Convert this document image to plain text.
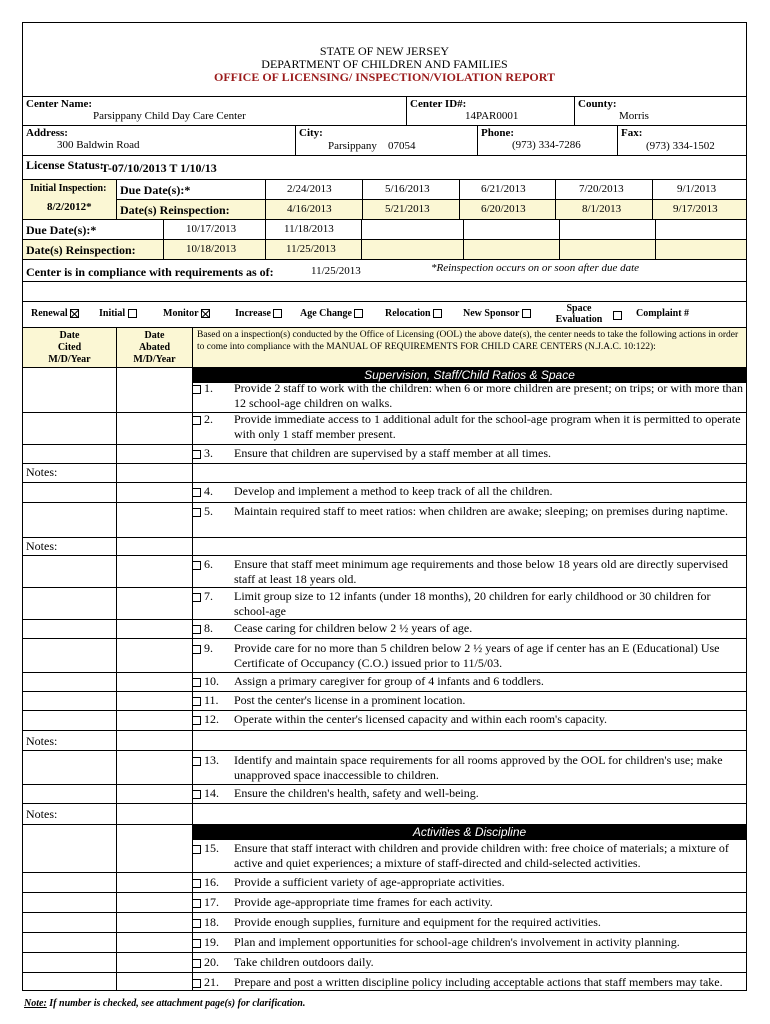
STATE OF NEW JERSEY
DEPARTMENT OF CHILDREN AND FAMILIES
OFFICE OF LICENSING/ INSPECTION/VIOLATION REPORT
Center Name:
Parsippany Child Day Care Center
Center ID#:
14PAR0001
County:
Morris
Address:
300 Baldwin Road
City:
Parsippany 07054
Phone:
(973) 334-7286
Fax:
(973) 334-1502
License Status:
T-07/10/2013 T 1/10/13
Initial Inspection:
8/2/2012*
Due Date(s):*	2/24/2013	5/16/2013	6/21/2013	7/20/2013	9/1/2013
Date(s) Reinspection:	4/16/2013	5/21/2013	6/20/2013	8/1/2013	9/17/2013
Due Date(s):*	10/17/2013	11/18/2013
Date(s) Reinspection:	10/18/2013	11/25/2013
Center is in compliance with requirements as of:	11/25/2013	*Reinspection occurs on or soon after due date
Renewal	Initial	Monitor	Increase	Age Change	Relocation	New Sponsor	Space Evaluation
Complaint #
Date
Cited
M/D/Year
Date
Abated
M/D/Year
Based on a inspection(s) conducted by the Office of Licensing (OOL) the above date(s), the center needs to take the following actions in order to come into compliance with the MANUAL OF REQUIREMENTS FOR CHILD CARE CENTERS (N.J.A.C. 10:122):
Supervision, Staff/Child Ratios & Space
1.	Provide 2 staff to work with the children: when 6 or more children are present; on trips; or with more than 12 school-age children on walks.
2.	Provide immediate access to 1 additional adult for the school-age program when it is permitted to operate with only 1 staff member present.
3.	Ensure that children are supervised by a staff member at all times.
Notes:
4.	Develop and implement a method to keep track of all the children.
5.	Maintain required staff to meet ratios: when children are awake; sleeping; on premises during naptime.
Notes:
6.	Ensure that staff meet minimum age requirements and those below 18 years old are directly supervised staff at least 18 years old.
7.	Limit group size to 12 infants (under 18 months), 20 children for early childhood or 30 children for school-age
8.	Cease caring for children below 2 ½ years of age.
9.	Provide care for no more than 5 children below 2 ½ years of age if center has an E (Educational) Use Certificate of Occupancy (C.O.) issued prior to 11/5/03.
10.	Assign a primary caregiver for group of 4 infants and 6 toddlers.
11.	Post the center's license in a prominent location.
12.	Operate within the center's licensed capacity and within each room's capacity.
Notes:
13.	Identify and maintain space requirements for all rooms approved by the OOL for children's use; make unapproved space inaccessible to children.
14.	Ensure the children's health, safety and well-being.
Notes:
Activities & Discipline
15.	Ensure that staff interact with children and provide children with: free choice of materials; a mixture of active and quiet experiences; a mixture of staff-directed and child-selected activities.
16.	Provide a sufficient variety of age-appropriate activities.
17.	Provide age-appropriate time frames for each activity.
18.	Provide enough supplies, furniture and equipment for the required activities.
19.	Plan and implement opportunities for school-age children's involvement in activity planning.
20.	Take children outdoors daily.
21.	Prepare and post a written discipline policy including acceptable actions that staff members may take.
Note: If number is checked, see attachment page(s) for clarification.
